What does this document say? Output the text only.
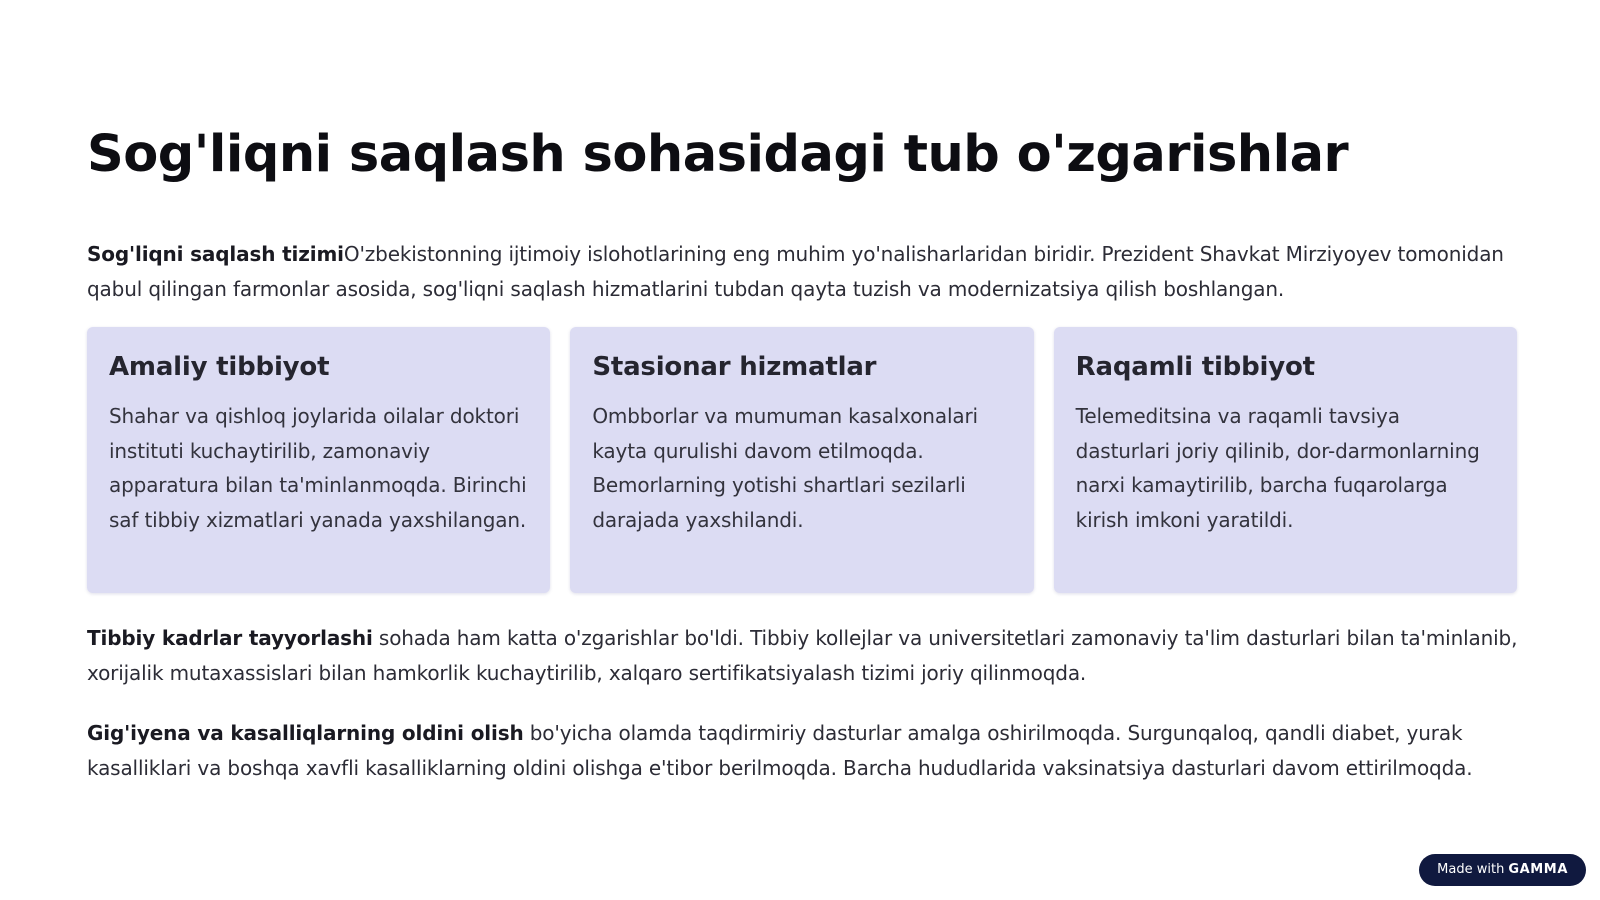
Sog'liqni saqlash sohasidagi tub o'zgarishlar

Sog'liqni saqlash tizimiO'zbekistonning ijtimoiy islohotlarining eng muhim yo'nalisharlaridan biridir. Prezident Shavkat Mirziyoyev tomonidan qabul qilingan farmonlar asosida, sog'liqni saqlash hizmatlarini tubdan qayta tuzish va modernizatsiya qilish boshlangan.

Amaliy tibbiyot

Shahar va qishloq joylarida oilalar doktori instituti kuchaytirilib, zamonaviy apparatura bilan ta'minlanmoqda. Birinchi saf tibbiy xizmatlari yanada yaxshilangan.

Stasionar hizmatlar

Ombborlar va mumuman kasalxonalari kayta qurulishi davom etilmoqda. Bemorlarning yotishi shartlari sezilarli darajada yaxshilandi.

Raqamli tibbiyot

Telemeditsina va raqamli tavsiya dasturlari joriy qilinib, dor-darmonlarning narxi kamaytirilib, barcha fuqarolarga kirish imkoni yaratildi.

Tibbiy kadrlar tayyorlashi sohada ham katta o'zgarishlar bo'ldi. Tibbiy kollejlar va universitetlari zamonaviy ta'lim dasturlari bilan ta'minlanib, xorijalik mutaxassislari bilan hamkorlik kuchaytirilib, xalqaro sertifikatsiyalash tizimi joriy qilinmoqda.

Gig'iyena va kasalliqlarning oldini olish bo'yicha olamda taqdirmiriy dasturlar amalga oshirilmoqda. Surgunqaloq, qandli diabet, yurak kasalliklari va boshqa xavfli kasalliklarning oldini olishga e'tibor berilmoqda. Barcha hududlarida vaksinatsiya dasturlari davom ettirilmoqda.

Made with GAMMA
